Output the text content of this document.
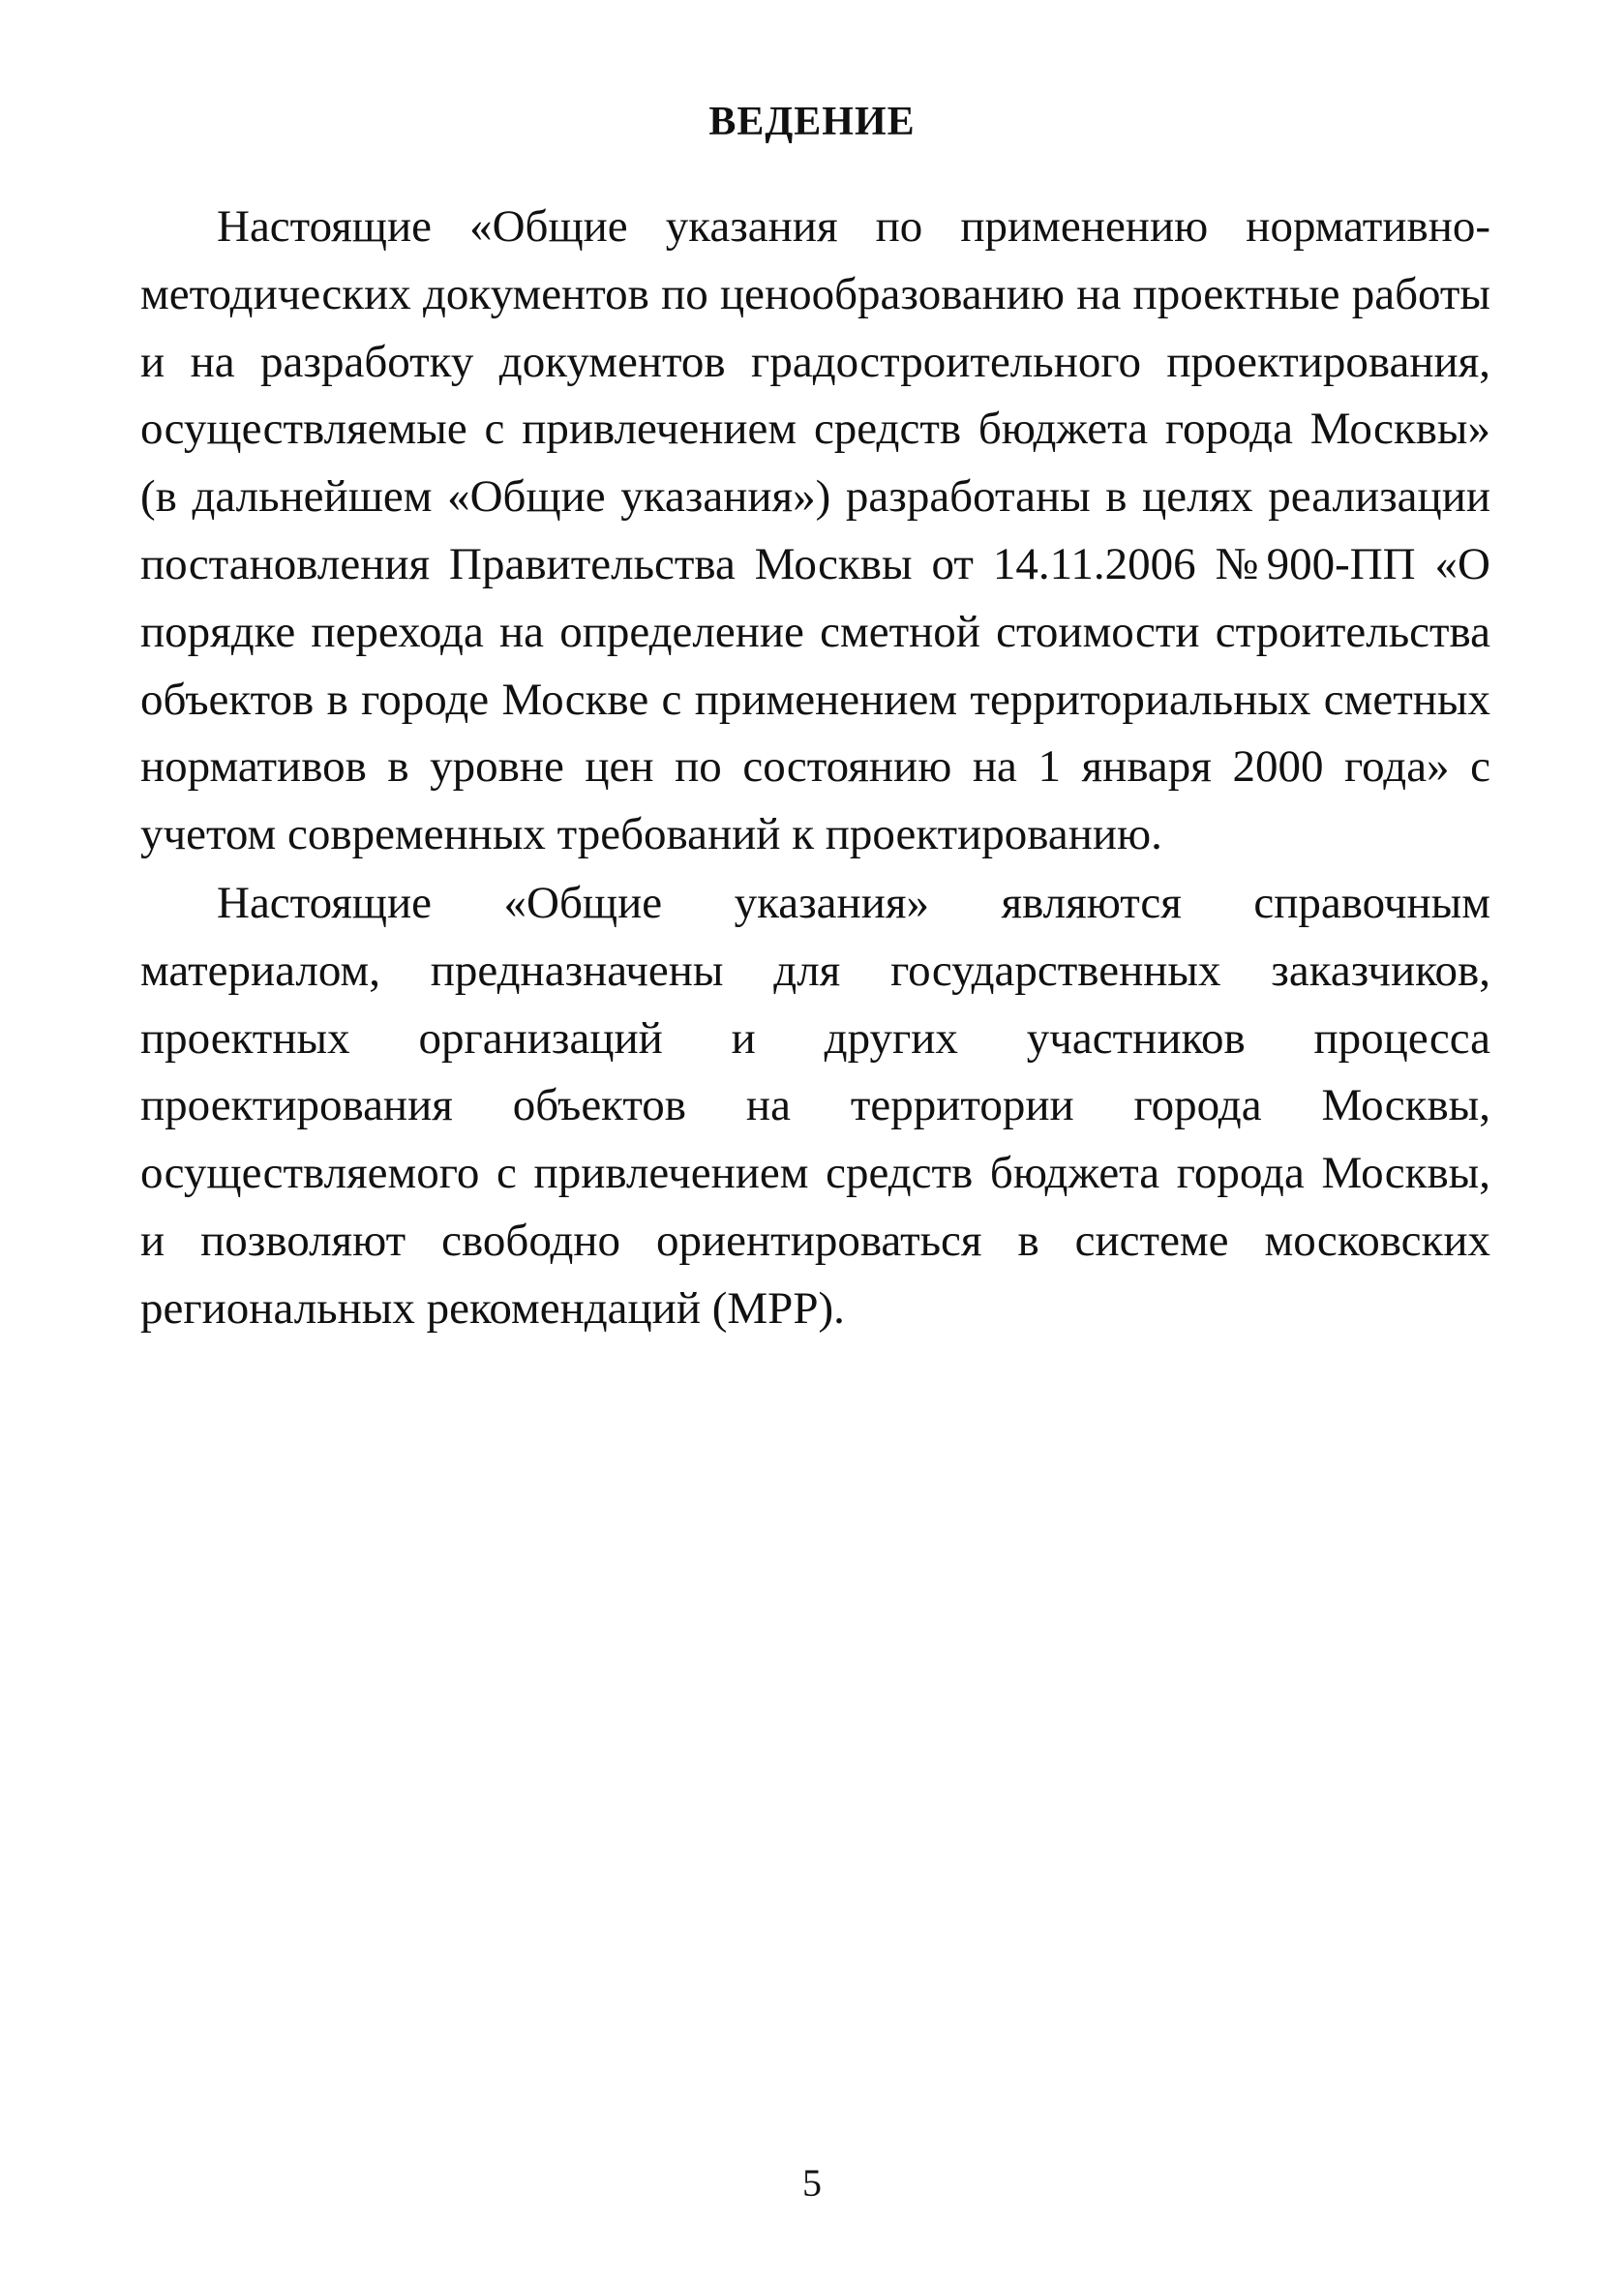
ВЕДЕНИЕ

Настоящие «Общие указания по применению нормативно-методических документов по ценообразованию на проектные работы и на разработку документов градостроительного проектирования, осуществляемые с привлечением средств бюджета города Москвы» (в дальнейшем «Общие указания») разработаны в целях реализации постановления Правительства Москвы от 14.11.2006 №900-ПП «О порядке перехода на определение сметной стоимости строительства объектов в городе Москве с применением территориальных сметных нормативов в уровне цен по состоянию на 1 января 2000 года» с учетом современных требований к проектированию.

Настоящие «Общие указания» являются справочным материалом, предназначены для государственных заказчиков, проектных организаций и других участников процесса проектирования объектов на территории города Москвы, осуществляемого с привлечением средств бюджета города Москвы, и позволяют свободно ориентироваться в системе московских региональных рекомендаций (МРР).

5
